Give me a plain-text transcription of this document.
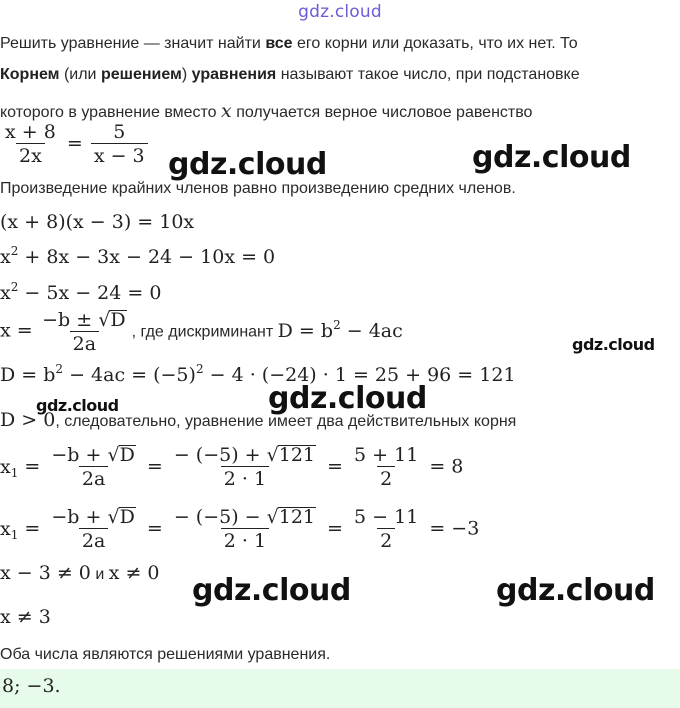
gdz.cloud
Решить уравнение — значит найти все его корни или доказать, что их нет. То
Корнем (или решением) уравнения называют такое число, при подстановке
которого в уравнение вместо x получается верное числовое равенство
$\frac{x + 8}{2x} = \frac{5}{x - 3}$
Произведение крайних членов равно произведению средних членов.
(x + 8)(x − 3) = 10x
$x^2 + 8x - 3x - 24 - 10x = 0$
$x^2 - 5x - 24 = 0$
$x = \frac{-b \pm √D}{2a}$ , где дискриминант $D = b^2 - 4ac$
$D = b^2 - 4ac = (-5)^2 - 4 \cdot (-24) \cdot 1 = 25 + 96 = 121$
D > 0, следовательно, уравнение имеет два действительных корня
$x_1 = \frac{-b + √D}{2a} = \frac{- (-5) + √121}{2 \cdot 1} = \frac{5 + 11}{2} = 8$
$x_1 = \frac{-b + √D}{2a} = \frac{- (-5) - √121}{2 \cdot 1} = \frac{5 - 11}{2} = -3$
x − 3 ≠ 0 и x ≠ 0
x ≠ 3
Оба числа являются решениями уравнения.
8; −3.
gdz.cloud	gdz.cloud
gdz.cloud
gdz.cloud
gdz.cloud
gdz.cloud	gdz.cloud
